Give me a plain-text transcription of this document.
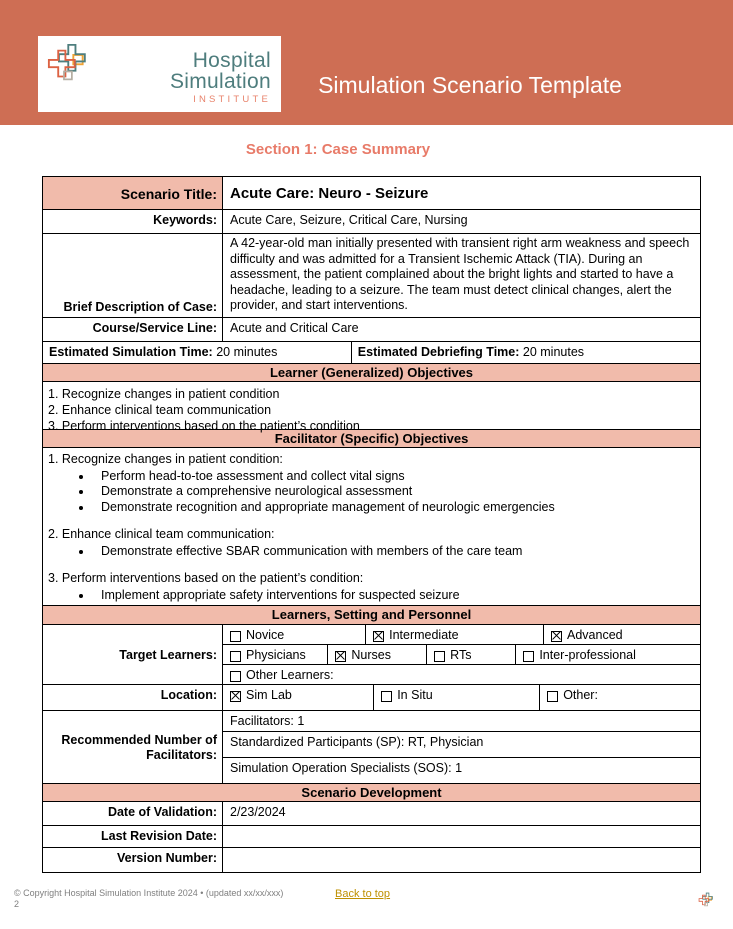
Hospital Simulation
INSTITUTE
Simulation Scenario Template
Section 1: Case Summary
Scenario Title: Acute Care: Neuro - Seizure
Keywords:	Acute Care, Seizure, Critical Care, Nursing
Brief Description of Case:
A 42-year-old man initially presented with transient right arm weakness and speech difficulty and was admitted for a Transient Ischemic Attack (TIA). During an assessment, the patient complained about the bright lights and started to have a headache, leading to a seizure. The team must detect clinical changes, alert the provider, and start interventions.
Course/Service Line:	Acute and Critical Care
Estimated Simulation Time: 20 minutes	Estimated Debriefing Time: 20 minutes
Learner (Generalized) Objectives
1. Recognize changes in patient condition
2. Enhance clinical team communication
3. Perform interventions based on the patient’s condition
Facilitator (Specific) Objectives
1. Recognize changes in patient condition:
• Perform head-to-toe assessment and collect vital signs
• Demonstrate a comprehensive neurological assessment
• Demonstrate recognition and appropriate management of neurologic emergencies
2. Enhance clinical team communication:
• Demonstrate effective SBAR communication with members of the care team
3. Perform interventions based on the patient’s condition:
• Implement appropriate safety interventions for suspected seizure
Learners, Setting and Personnel
Target Learners:
Novice	Intermediate	Advanced
Physicians	Nurses	RTs	Inter-professional
Other Learners:
Location:	Sim Lab	In Situ	Other:
Recommended Number of Facilitators:
Facilitators: 1
Standardized Participants (SP): RT, Physician
Simulation Operation Specialists (SOS): 1
Scenario Development
Date of Validation:	2/23/2024
Last Revision Date:
Version Number:
© Copyright Hospital Simulation Institute 2024 • (updated xx/xx/xxx)
2
Back to top
